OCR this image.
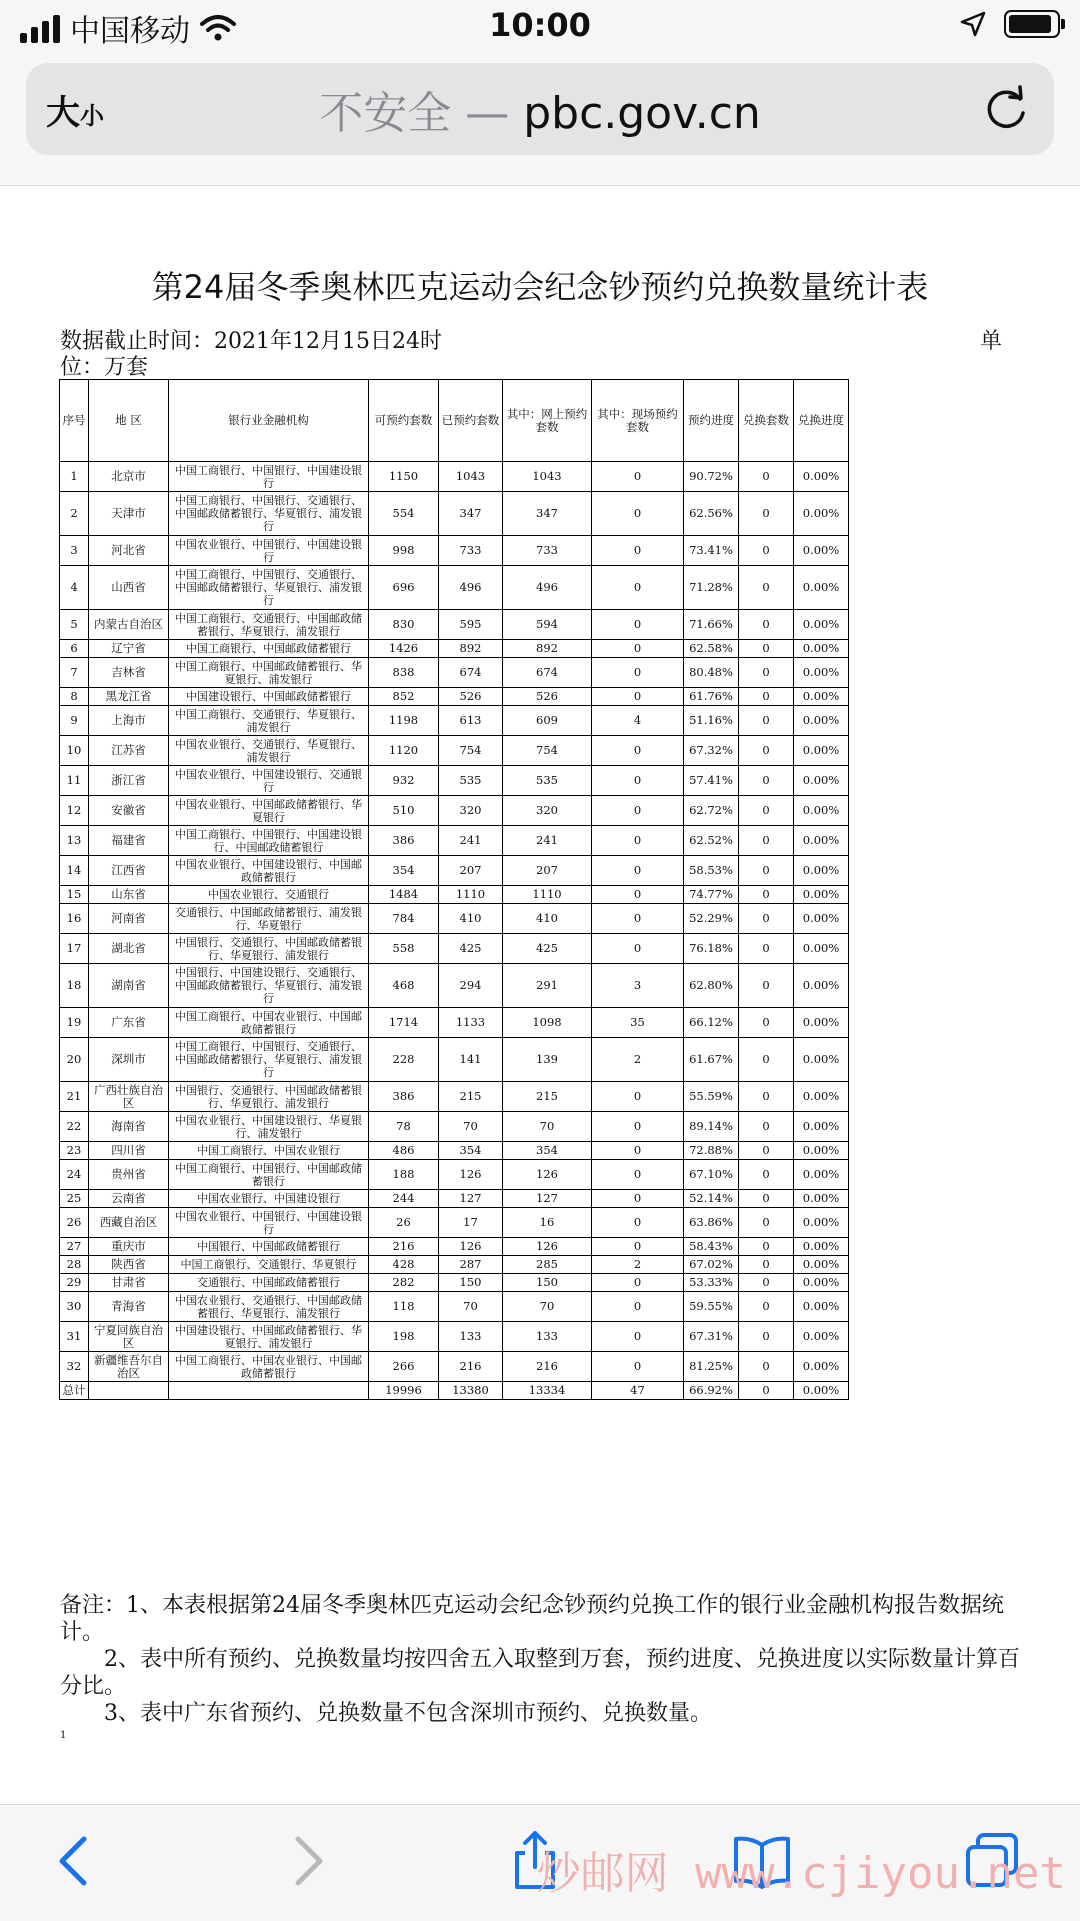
中国移动	10:00
大小	不安全 — pbc.gov.cn
第24届冬季奥林匹克运动会纪念钞预约兑换数量统计表
数据截止时间：2021年12月15日24时	单
位：万套
序号	地 区	银行业金融机构	可预约套数	已预约套数	其中：网上预约套数	其中：现场预约套数	预约进度	兑换套数	兑换进度
1	北京市	中国工商银行、中国银行、中国建设银行	1150	1043	1043	0	90.72%	0	0.00%
2	天津市	中国工商银行、中国银行、交通银行、中国邮政储蓄银行、华夏银行、浦发银行	554	347	347	0	62.56%	0	0.00%
3	河北省	中国农业银行、中国银行、中国建设银行	998	733	733	0	73.41%	0	0.00%
4	山西省	中国工商银行、中国银行、交通银行、中国邮政储蓄银行、华夏银行、浦发银行	696	496	496	0	71.28%	0	0.00%
5	内蒙古自治区	中国工商银行、交通银行、中国邮政储蓄银行、华夏银行、浦发银行	830	595	594	0	71.66%	0	0.00%
6	辽宁省	中国工商银行、中国邮政储蓄银行	1426	892	892	0	62.58%	0	0.00%
7	吉林省	中国工商银行、中国邮政储蓄银行、华夏银行、浦发银行	838	674	674	0	80.48%	0	0.00%
8	黑龙江省	中国建设银行、中国邮政储蓄银行	852	526	526	0	61.76%	0	0.00%
9	上海市	中国工商银行、交通银行、华夏银行、浦发银行	1198	613	609	4	51.16%	0	0.00%
10	江苏省	中国农业银行、交通银行、华夏银行、浦发银行	1120	754	754	0	67.32%	0	0.00%
11	浙江省	中国农业银行、中国建设银行、交通银行	932	535	535	0	57.41%	0	0.00%
12	安徽省	中国农业银行、中国邮政储蓄银行、华夏银行	510	320	320	0	62.72%	0	0.00%
13	福建省	中国工商银行、中国银行、中国建设银行、中国邮政储蓄银行	386	241	241	0	62.52%	0	0.00%
14	江西省	中国农业银行、中国建设银行、中国邮政储蓄银行	354	207	207	0	58.53%	0	0.00%
15	山东省	中国农业银行、交通银行	1484	1110	1110	0	74.77%	0	0.00%
16	河南省	交通银行、中国邮政储蓄银行、浦发银行、华夏银行	784	410	410	0	52.29%	0	0.00%
17	湖北省	中国银行、交通银行、中国邮政储蓄银行、华夏银行、浦发银行	558	425	425	0	76.18%	0	0.00%
18	湖南省	中国银行、中国建设银行、交通银行、中国邮政储蓄银行、华夏银行、浦发银行	468	294	291	3	62.80%	0	0.00%
19	广东省	中国工商银行、中国农业银行、中国邮政储蓄银行	1714	1133	1098	35	66.12%	0	0.00%
20	深圳市	中国工商银行、中国银行、交通银行、中国邮政储蓄银行、华夏银行、浦发银行	228	141	139	2	61.67%	0	0.00%
21	广西壮族自治区	中国银行、交通银行、中国邮政储蓄银行、华夏银行、浦发银行	386	215	215	0	55.59%	0	0.00%
22	海南省	中国农业银行、中国建设银行、华夏银行、浦发银行	78	70	70	0	89.14%	0	0.00%
23	四川省	中国工商银行、中国农业银行	486	354	354	0	72.88%	0	0.00%
24	贵州省	中国工商银行、中国银行、中国邮政储蓄银行	188	126	126	0	67.10%	0	0.00%
25	云南省	中国农业银行、中国建设银行	244	127	127	0	52.14%	0	0.00%
26	西藏自治区	中国农业银行、中国银行、中国建设银行	26	17	16	0	63.86%	0	0.00%
27	重庆市	中国银行、中国邮政储蓄银行	216	126	126	0	58.43%	0	0.00%
28	陕西省	中国工商银行、交通银行、华夏银行	428	287	285	2	67.02%	0	0.00%
29	甘肃省	交通银行、中国邮政储蓄银行	282	150	150	0	53.33%	0	0.00%
30	青海省	中国农业银行、交通银行、中国邮政储蓄银行、华夏银行、浦发银行	118	70	70	0	59.55%	0	0.00%
31	宁夏回族自治区	中国建设银行、中国邮政储蓄银行、华夏银行、浦发银行	198	133	133	0	67.31%	0	0.00%
32	新疆维吾尔自治区	中国工商银行、中国农业银行、中国邮政储蓄银行	266	216	216	0	81.25%	0	0.00%
总计			19996	13380	13334	47	66.92%	0	0.00%

备注：1、本表根据第24届冬季奥林匹克运动会纪念钞预约兑换工作的银行业金融机构报告数据统计。

2、表中所有预约、兑换数量均按四舍五入取整到万套，预约进度、兑换进度以实际数量计算百分比。

3、表中广东省预约、兑换数量不包含深圳市预约、兑换数量。

1
炒邮网 www.cjiyou.net
